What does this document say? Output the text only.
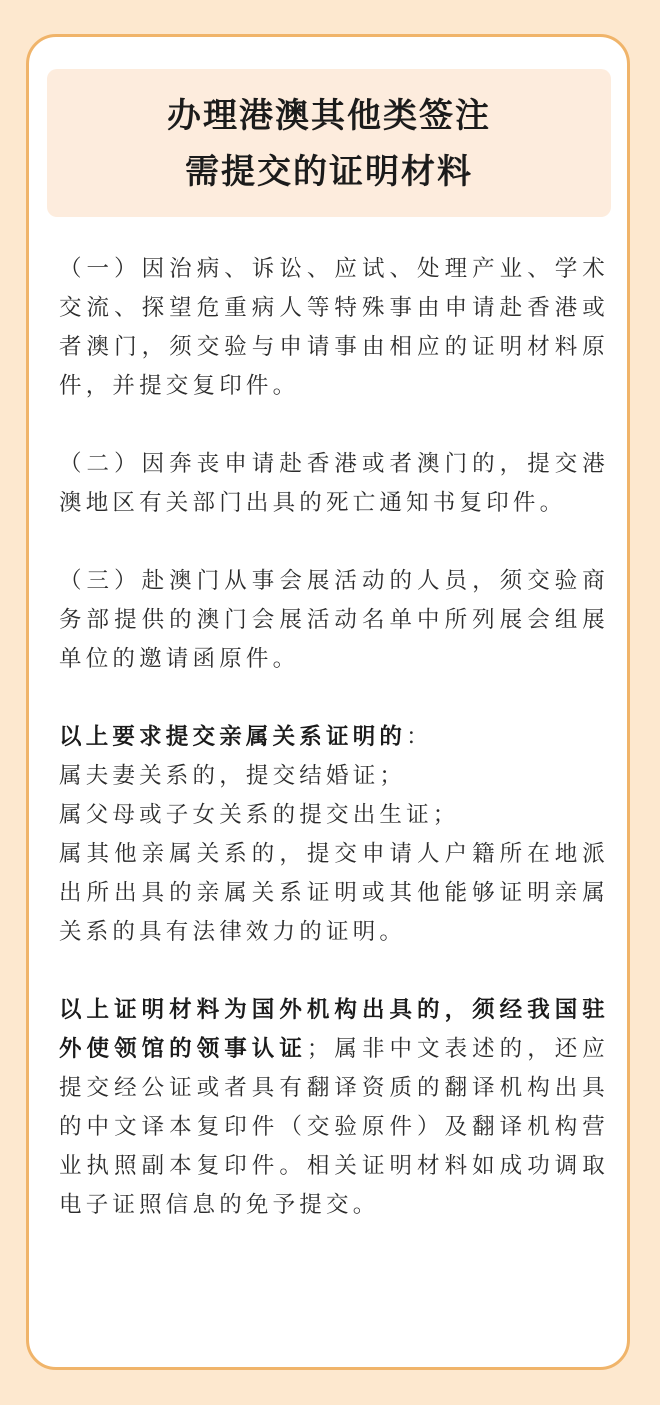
办理港澳其他类签注
需提交的证明材料

（一）因治病、诉讼、应试、处理产业、学术交流、探望危重病人等特殊事由申请赴香港或者澳门，须交验与申请事由相应的证明材料原件，并提交复印件。

（二）因奔丧申请赴香港或者澳门的，提交港澳地区有关部门出具的死亡通知书复印件。

（三）赴澳门从事会展活动的人员，须交验商务部提供的澳门会展活动名单中所列展会组展单位的邀请函原件。

以上要求提交亲属关系证明的：
属夫妻关系的，提交结婚证；
属父母或子女关系的提交出生证；
属其他亲属关系的，提交申请人户籍所在地派出所出具的亲属关系证明或其他能够证明亲属关系的具有法律效力的证明。

以上证明材料为国外机构出具的，须经我国驻外使领馆的领事认证；属非中文表述的，还应提交经公证或者具有翻译资质的翻译机构出具的中文译本复印件（交验原件）及翻译机构营业执照副本复印件。相关证明材料如成功调取电子证照信息的免予提交。
